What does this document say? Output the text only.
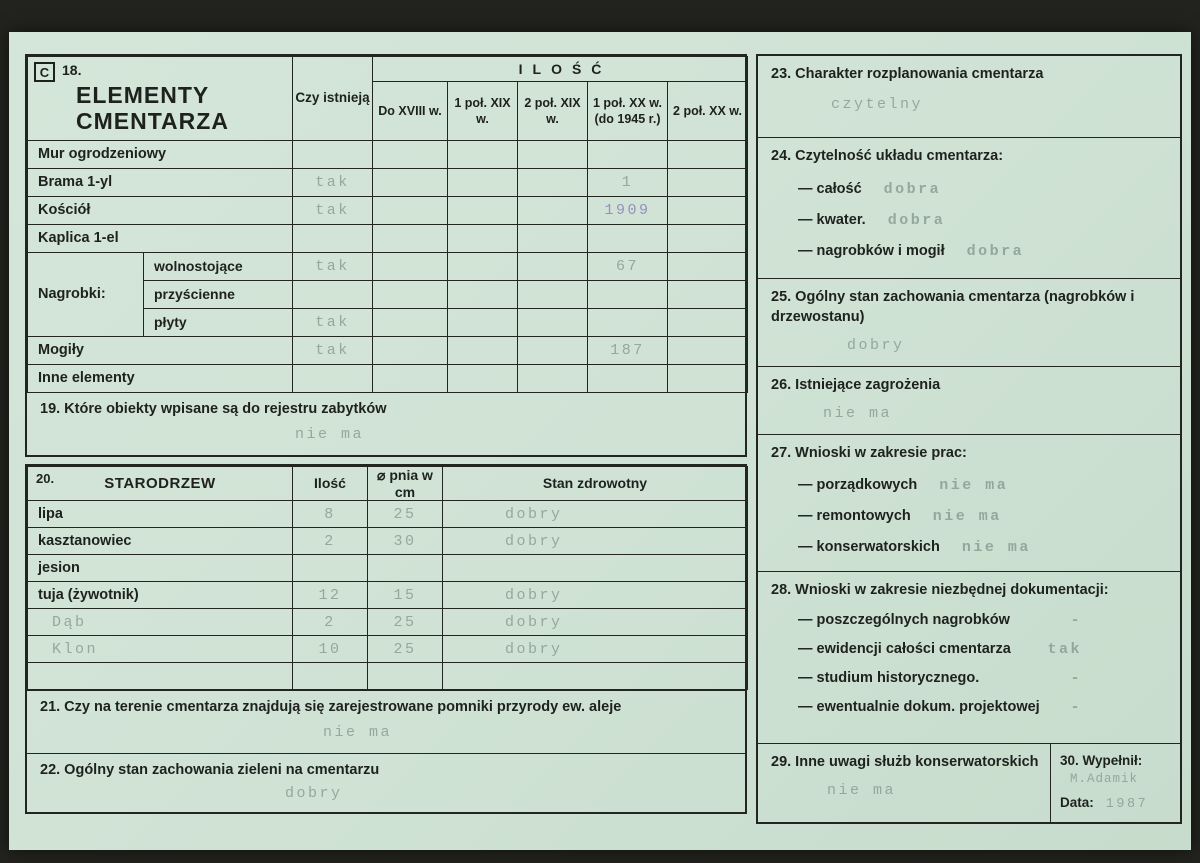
C 18.
ELEMENTY CMENTARZA		Czy istnieją	ILOŚĆ				
			Do XVIII w.	1 poł. XIX w.	2 poł. XIX w.	1 poł. XX w. (do 1945 r.)	2 poł. XX w.
Mur ogrodzeniowy							
Brama 1-yl		tak				1	
Kościół		tak				1909	
Kaplica 1-el							
Nagrobki:	wolnostojące	tak				67	
	przyścienne						
	płyty	tak					
Mogiły		tak				187	
Inne elementy							
19. Które obiekty wpisane są do rejestru zabytków
nie ma
20. STARODRZEW	Ilość	⌀ pnia w cm	Stan zdrowotny
lipa	8	25	dobry
kasztanowiec	2	30	dobry
jesion			
tuja (żywotnik)	12	15	dobry
Dąb	2	25	dobry
Klon	10	25	dobry

21. Czy na terenie cmentarza znajdują się zarejestrowane pomniki przyrody ew. aleje
nie ma
22. Ogólny stan zachowania zieleni na cmentarzu
dobry
23. Charakter rozplanowania cmentarza
czytelny
24. Czytelność układu cmentarza:
— całość dobra
— kwater. dobra
— nagrobków i mogił dobra
25. Ogólny stan zachowania cmentarza (nagrobków i drzewostanu)
dobry
26. Istniejące zagrożenia
nie ma
27. Wnioski w zakresie prac:
— porządkowych nie ma
— remontowych nie ma
— konserwatorskich nie ma
28. Wnioski w zakresie niezbędnej dokumentacji:
— poszczególnych nagrobków	-
— ewidencji całości cmentarza tak
— studium historycznego.	-
— ewentualnie dokum. projektowej -
29. Inne uwagi służb konserwatorskich
nie ma
30. Wypełnił:
M.Adamik
Data: 1987
